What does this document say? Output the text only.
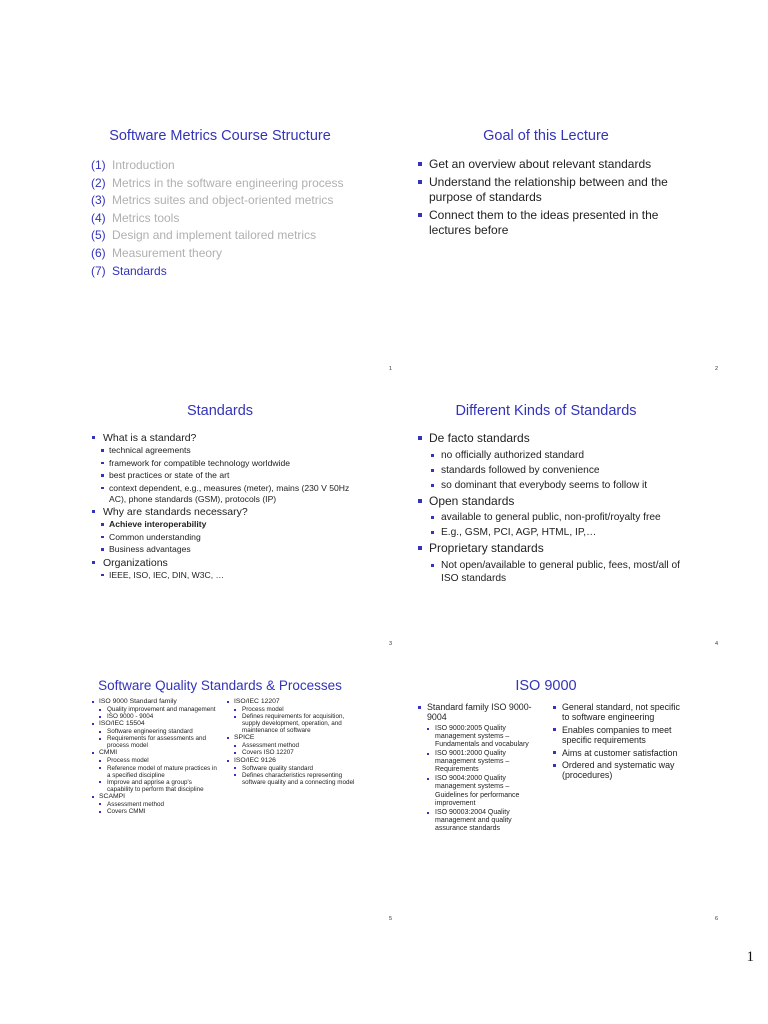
Software Metrics Course Structure
(1) Introduction
(2) Metrics in the software engineering process
(3) Metrics suites and object-oriented metrics
(4) Metrics tools
(5) Design and implement tailored metrics
(6) Measurement theory
(7) Standards
1
Goal of this Lecture
Get an overview about relevant standards
Understand the relationship between and the purpose of standards
Connect them to the ideas presented in the lectures before
2
Standards
What is a standard?
technical agreements
framework for compatible technology worldwide
best practices or state of the art
context dependent, e.g., measures (meter), mains (230 V 50Hz AC), phone standards (GSM), protocols (IP)
Why are standards necessary?
Achieve interoperability
Common understanding
Business advantages
Organizations
IEEE, ISO, IEC, DIN, W3C, …
3
Different Kinds of Standards
De facto standards
no officially authorized standard
standards followed by convenience
so dominant that everybody seems to follow it
Open standards
available to general public, non-profit/royalty free
E.g., GSM, PCI, AGP, HTML, IP,…
Proprietary standards
Not open/available to general public, fees, most/all of ISO standards
4
Software Quality Standards & Processes
ISO 9000 Standard family
Quality improvement and management
ISO 9000 - 9004
ISO/IEC 15504
Software engineering standard
Requirements for assessments and process model
CMMI
Process model
Reference model of mature practices in a specified discipline
Improve and apprise a group's capability to perform that discipline
SCAMPI
Assessment method
Covers CMMI
ISO/IEC 12207
Process model
Defines requirements for acquisition, supply development, operation, and maintenance of software
SPICE
Assessment method
Covers ISO 12207
ISO/IEC 9126
Software quality standard
Defines characteristics representing software quality and a connecting model
5
ISO 9000
Standard family ISO 9000-9004
ISO 9000:2005 Quality management systems – Fundamentals and vocabulary
ISO 9001:2000 Quality management systems – Requirements
ISO 9004:2000 Quality management systems – Guidelines for performance improvement
ISO 90003:2004 Quality management and quality assurance standards
General standard, not specific to software engineering
Enables companies to meet specific requirements
Aims at customer satisfaction
Ordered and systematic way (procedures)
6
1
